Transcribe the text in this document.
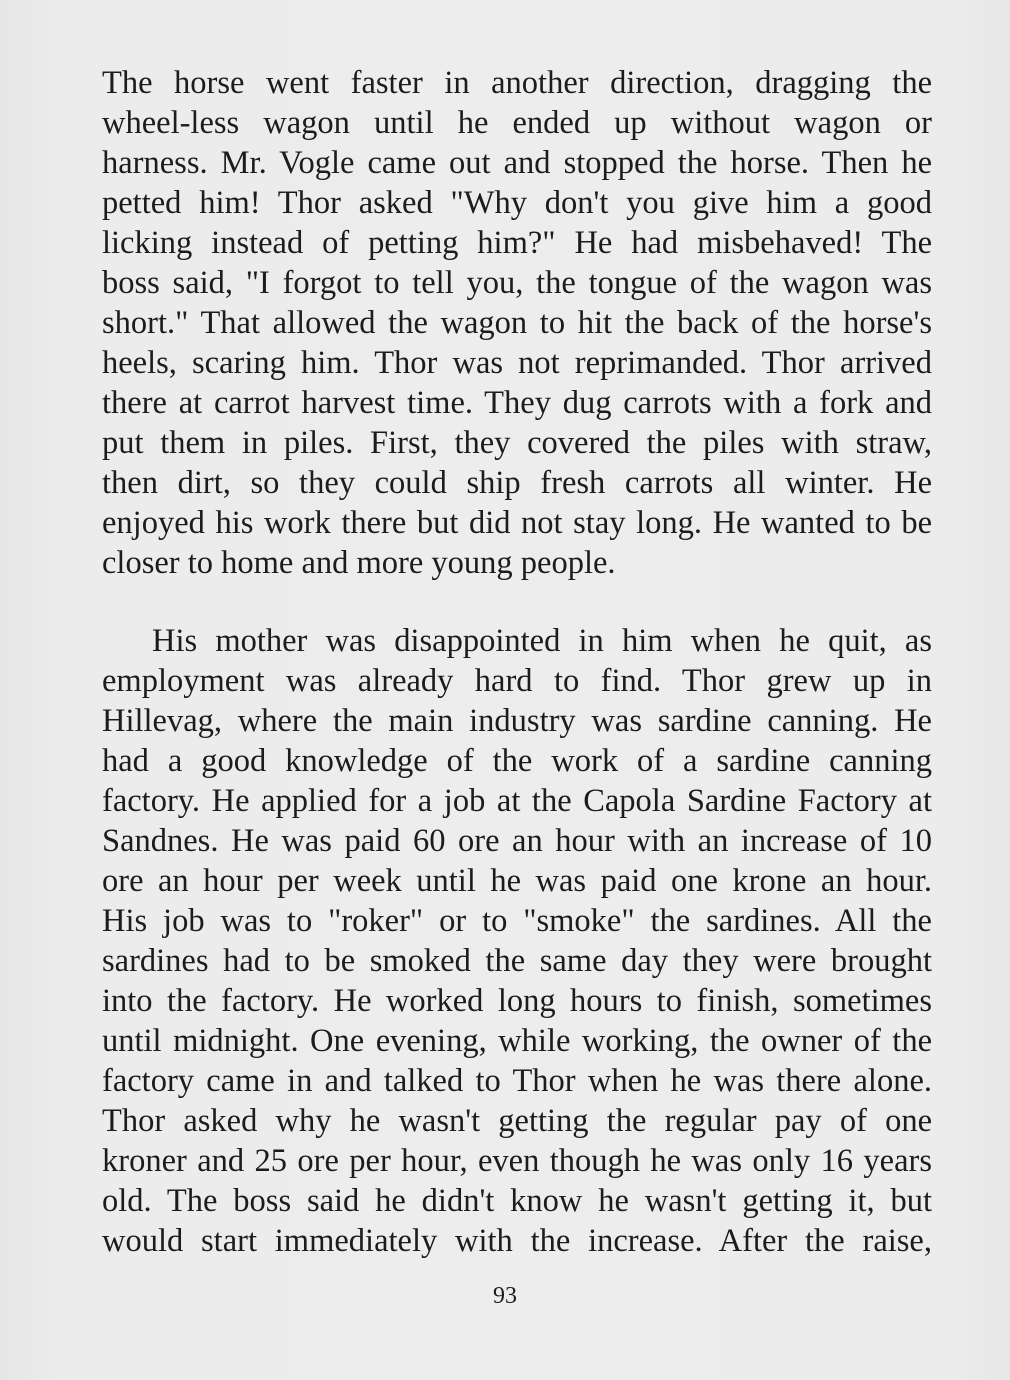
The horse went faster in another direction, dragging the
wheel-less wagon until he ended up without wagon or
harness. Mr. Vogle came out and stopped the horse. Then he
petted him! Thor asked "Why don't you give him a good
licking instead of petting him?" He had misbehaved! The
boss said, "I forgot to tell you, the tongue of the wagon was
short." That allowed the wagon to hit the back of the horse's
heels, scaring him. Thor was not reprimanded. Thor arrived
there at carrot harvest time. They dug carrots with a fork and
put them in piles. First, they covered the piles with straw,
then dirt, so they could ship fresh carrots all winter. He
enjoyed his work there but did not stay long. He wanted to be
closer to home and more young people.
His mother was disappointed in him when he quit, as
employment was already hard to find. Thor grew up in
Hillevag, where the main industry was sardine canning. He
had a good knowledge of the work of a sardine canning
factory. He applied for a job at the Capola Sardine Factory at
Sandnes. He was paid 60 ore an hour with an increase of 10
ore an hour per week until he was paid one krone an hour.
His job was to "roker" or to "smoke" the sardines. All the
sardines had to be smoked the same day they were brought
into the factory. He worked long hours to finish, sometimes
until midnight. One evening, while working, the owner of the
factory came in and talked to Thor when he was there alone.
Thor asked why he wasn't getting the regular pay of one
kroner and 25 ore per hour, even though he was only 16 years
old. The boss said he didn't know he wasn't getting it, but
would start immediately with the increase. After the raise,
93
